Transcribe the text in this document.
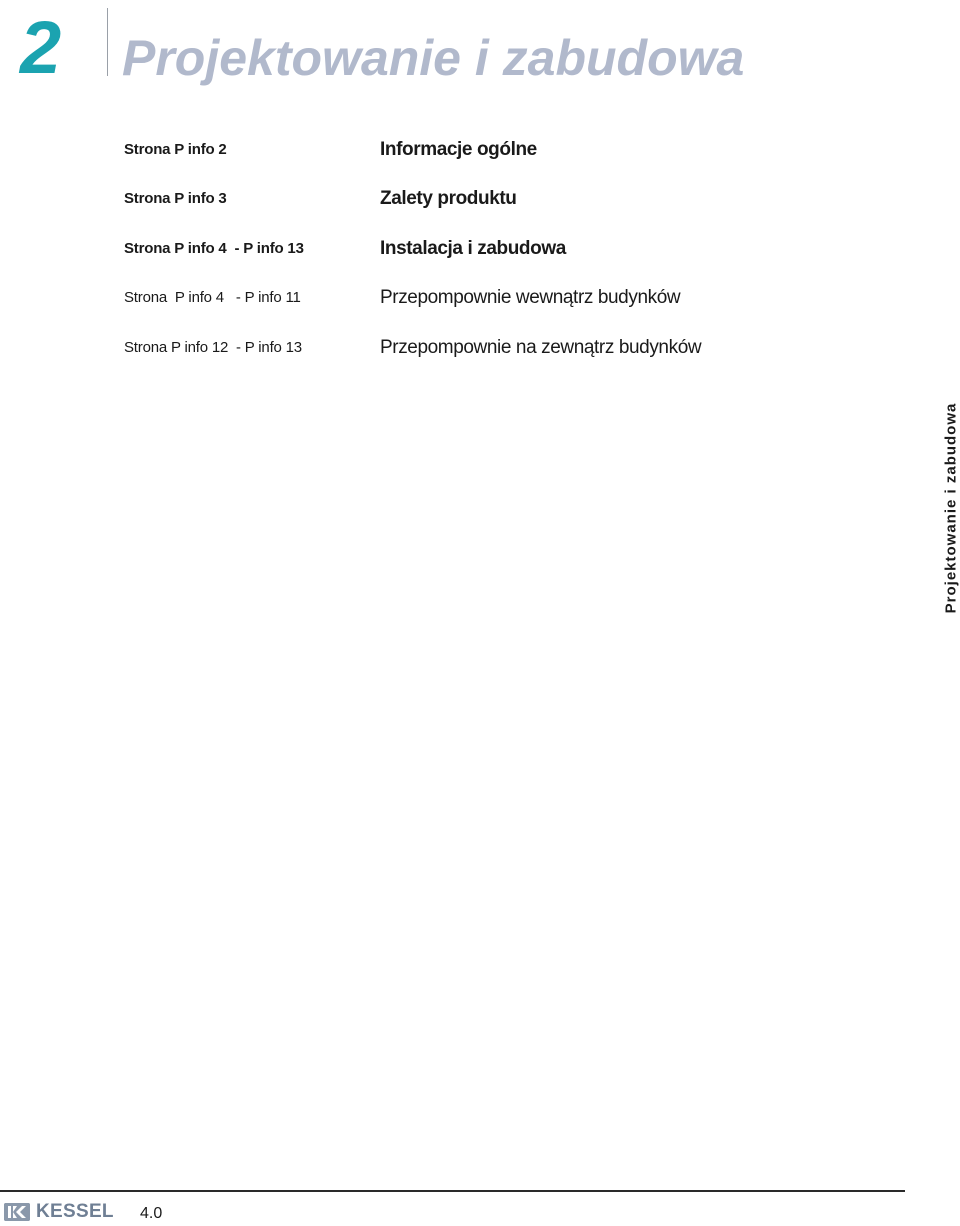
2 Projektowanie i zabudowa
Strona P info 2	Informacje ogólne
Strona P info 3	Zalety produktu
Strona P info 4  - P info 13	Instalacja i zabudowa
Strona  P info 4   - P info 11	Przepompownie wewnątrz budynków
Strona P info 12  - P info 13	Przepompownie na zewnątrz budynków
Projektowanie i zabudowa
KESSEL 4.0
